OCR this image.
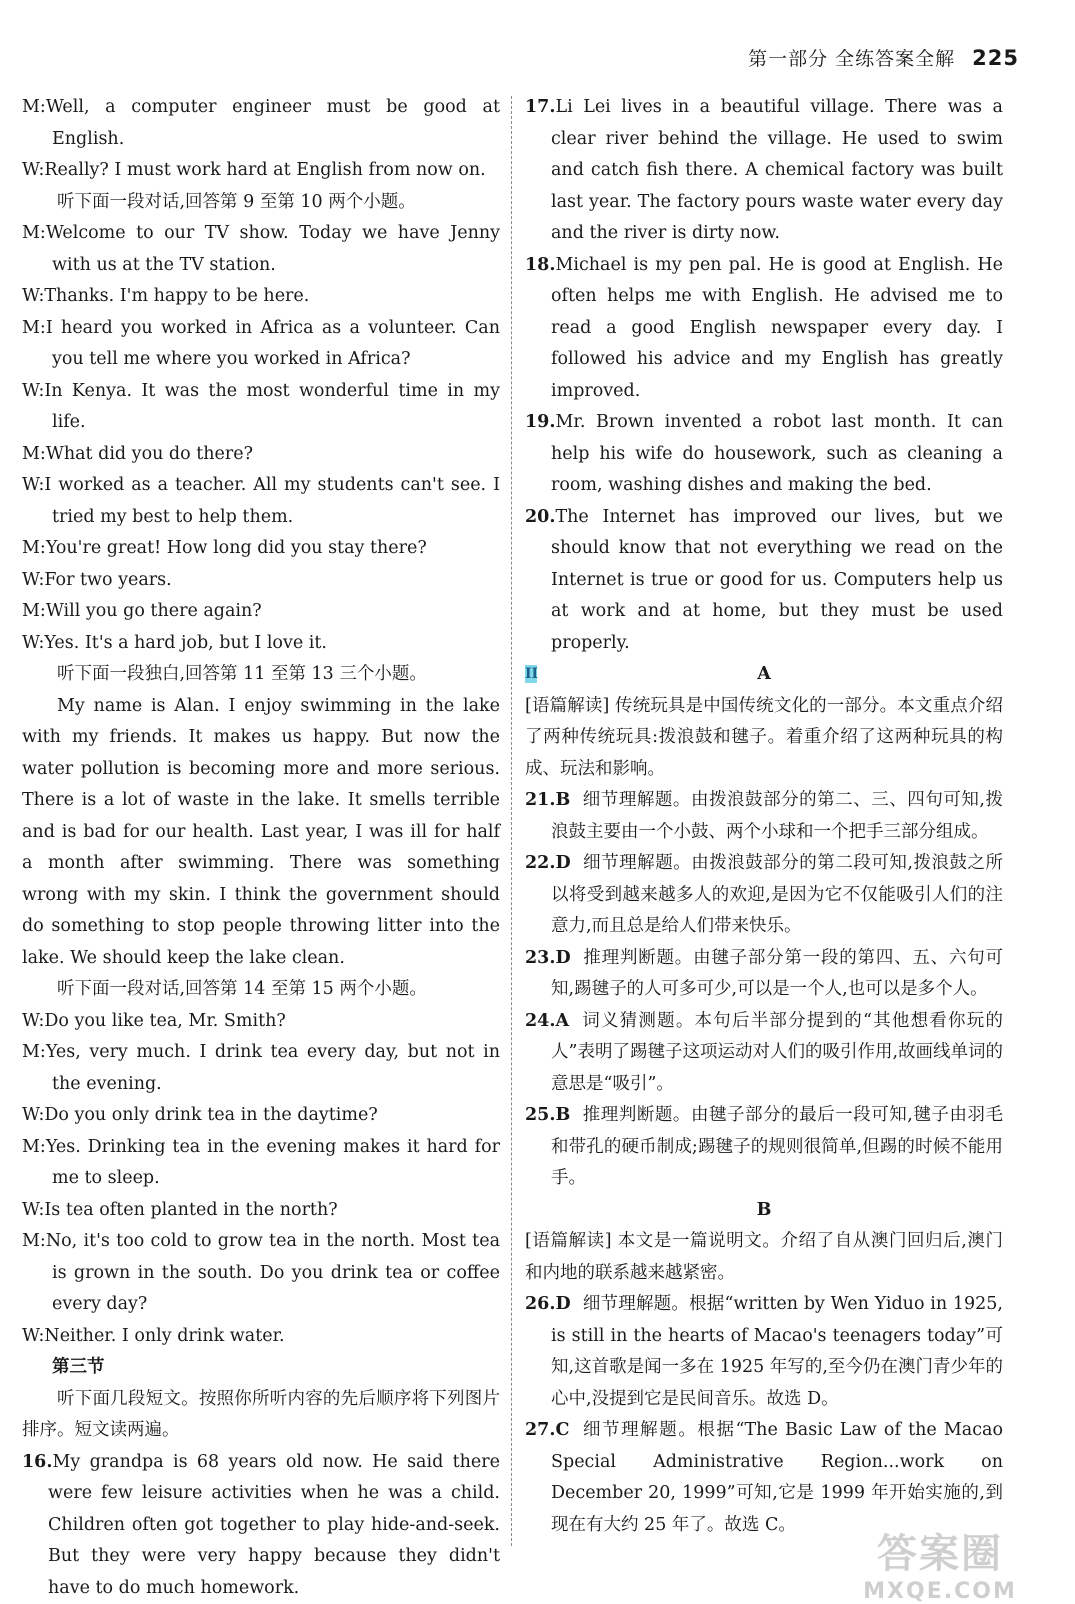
第一部分 全练答案全解 225
M:Well, a computer engineer must be good at English.
W:Really? I must work hard at English from now on.
听下面一段对话,回答第 9 至第 10 两个小题。
M:Welcome to our TV show. Today we have Jenny with us at the TV station.
W:Thanks. I'm happy to be here.
M:I heard you worked in Africa as a volunteer. Can you tell me where you worked in Africa?
W:In Kenya. It was the most wonderful time in my life.
M:What did you do there?
W:I worked as a teacher. All my students can't see. I tried my best to help them.
M:You're great! How long did you stay there?
W:For two years.
M:Will you go there again?
W:Yes. It's a hard job, but I love it.
听下面一段独白,回答第 11 至第 13 三个小题。
My name is Alan. I enjoy swimming in the lake with my friends. It makes us happy. But now the water pollution is becoming more and more serious. There is a lot of waste in the lake. It smells terrible and is bad for our health. Last year, I was ill for half a month after swimming. There was something wrong with my skin. I think the government should do something to stop people throwing litter into the lake. We should keep the lake clean.
听下面一段对话,回答第 14 至第 15 两个小题。
W:Do you like tea, Mr. Smith?
M:Yes, very much. I drink tea every day, but not in the evening.
W:Do you only drink tea in the daytime?
M:Yes. Drinking tea in the evening makes it hard for me to sleep.
W:Is tea often planted in the north?
M:No, it's too cold to grow tea in the north. Most tea is grown in the south. Do you drink tea or coffee every day?
W:Neither. I only drink water.
第三节
听下面几段短文。按照你所听内容的先后顺序将下列图片排序。短文读两遍。
16.My grandpa is 68 years old now. He said there were few leisure activities when he was a child. Children often got together to play hide-and-seek. But they were very happy because they didn't have to do much homework.
17.Li Lei lives in a beautiful village. There was a clear river behind the village. He used to swim and catch fish there. A chemical factory was built last year. The factory pours waste water every day and the river is dirty now.
18.Michael is my pen pal. He is good at English. He often helps me with English. He advised me to read a good English newspaper every day. I followed his advice and my English has greatly improved.
19.Mr. Brown invented a robot last month. It can help his wife do housework, such as cleaning a room, washing dishes and making the bed.
20.The Internet has improved our lives, but we should know that not everything we read on the Internet is true or good for us. Computers help us at work and at home, but they must be used properly.
II	A
[语篇解读] 传统玩具是中国传统文化的一部分。本文重点介绍了两种传统玩具:拨浪鼓和毽子。着重介绍了这两种玩具的构成、玩法和影响。
21.B 细节理解题。由拨浪鼓部分的第二、三、四句可知,拨浪鼓主要由一个小鼓、两个小球和一个把手三部分组成。
22.D 细节理解题。由拨浪鼓部分的第二段可知,拨浪鼓之所以将受到越来越多人的欢迎,是因为它不仅能吸引人们的注意力,而且总是给人们带来快乐。
23.D 推理判断题。由毽子部分第一段的第四、五、六句可知,踢毽子的人可多可少,可以是一个人,也可以是多个人。
24.A 词义猜测题。本句后半部分提到的“其他想看你玩的人”表明了踢毽子这项运动对人们的吸引作用,故画线单词的意思是“吸引”。
25.B 推理判断题。由毽子部分的最后一段可知,毽子由羽毛和带孔的硬币制成;踢毽子的规则很简单,但踢的时候不能用手。
B
[语篇解读] 本文是一篇说明文。介绍了自从澳门回归后,澳门和内地的联系越来越紧密。
26.D 细节理解题。根据“written by Wen Yiduo in 1925, is still in the hearts of Macao's teenagers today”可知,这首歌是闻一多在 1925 年写的,至今仍在澳门青少年的心中,没提到它是民间音乐。故选 D。
27.C 细节理解题。根据“The Basic Law of the Macao Special Administrative Region...work on December 20, 1999”可知,它是 1999 年开始实施的,到现在有大约 25 年了。故选 C。
答案圈
MXQE.COM
